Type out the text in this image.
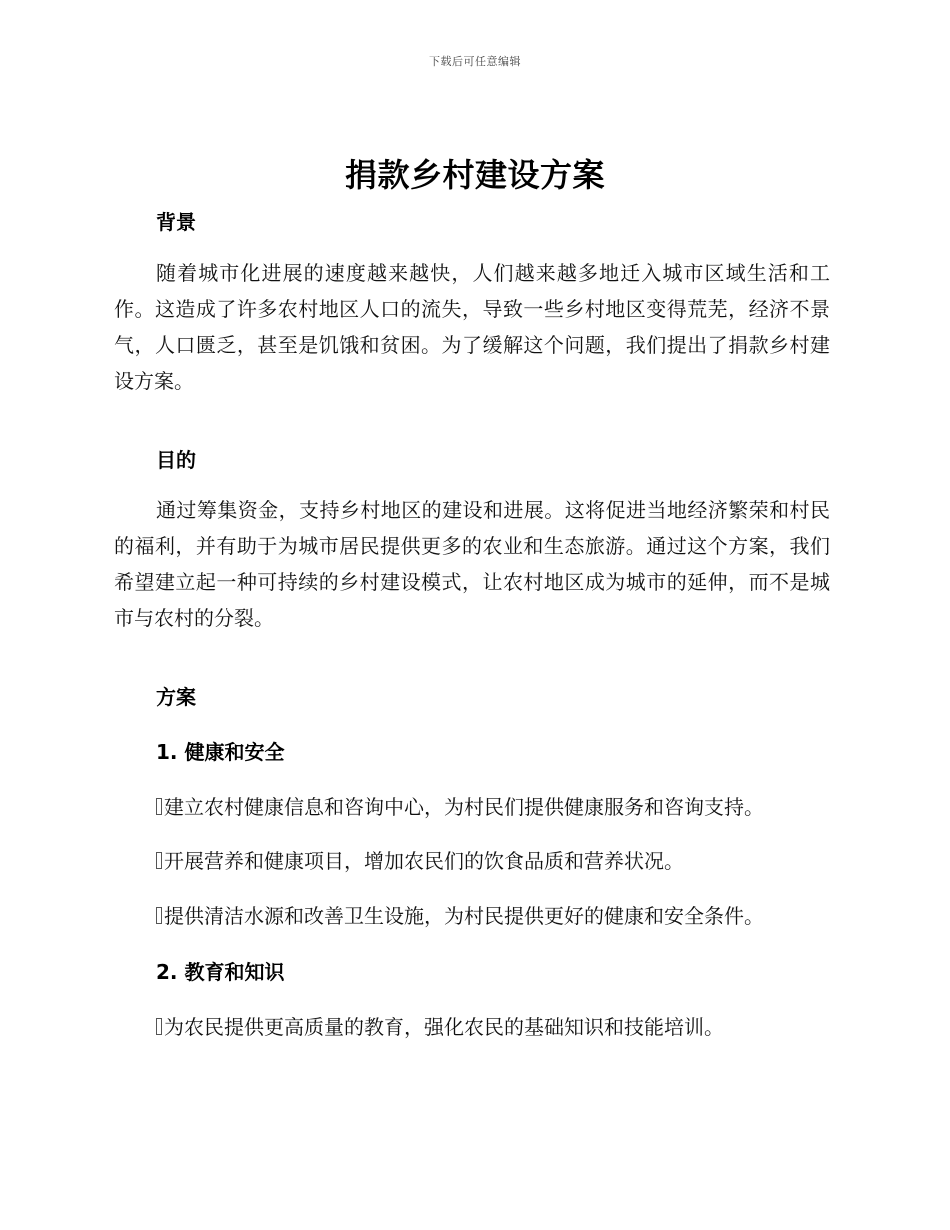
下载后可任意编辑
捐款乡村建设方案
背景
随着城市化进展的速度越来越快，人们越来越多地迁入城市区域生活和工作。这造成了许多农村地区人口的流失，导致一些乡村地区变得荒芜，经济不景气，人口匮乏，甚至是饥饿和贫困。为了缓解这个问题，我们提出了捐款乡村建设方案。
目的
通过筹集资金，支持乡村地区的建设和进展。这将促进当地经济繁荣和村民的福利，并有助于为城市居民提供更多的农业和生态旅游。通过这个方案，我们希望建立起一种可持续的乡村建设模式，让农村地区成为城市的延伸，而不是城市与农村的分裂。
方案
1. 健康和安全
建立农村健康信息和咨询中心，为村民们提供健康服务和咨询支持。
开展营养和健康项目，增加农民们的饮食品质和营养状况。
提供清洁水源和改善卫生设施，为村民提供更好的健康和安全条件。
2. 教育和知识
为农民提供更高质量的教育，强化农民的基础知识和技能培训。
